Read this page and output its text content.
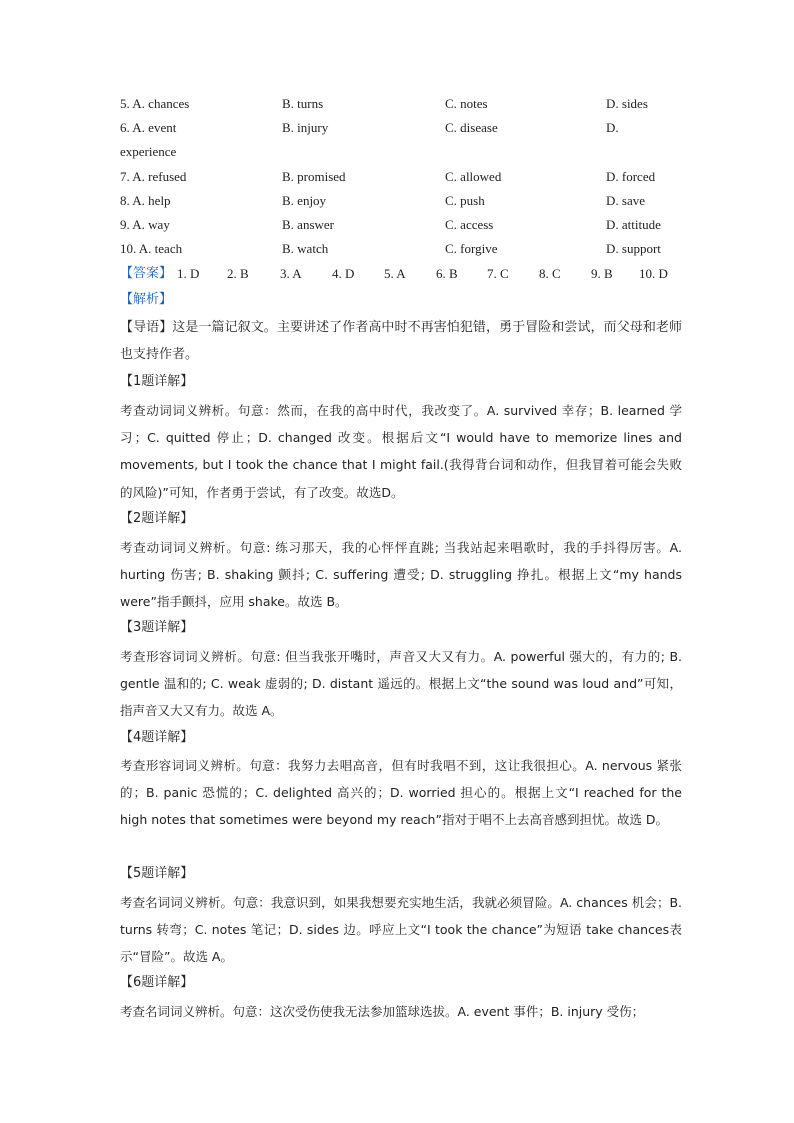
5. A. chances	B. turns	C. notes	D. sides
6. A. event	B. injury	C. disease	D.
experience
7. A. refused	B. promised	C. allowed	D. forced
8. A. help	B. enjoy	C. push	D. save
9. A. way	B. answer	C. access	D. attitude
10. A. teach	B. watch	C. forgive	D. support
【答案】 1. D 2. B 3. A 4. D 5. A 6. B 7. C 8. C 9. B 10. D
【解析】
【导语】这是一篇记叙文。主要讲述了作者高中时不再害怕犯错，勇于冒险和尝试，而父母和老师也支持作者。
【1题详解】
考查动词词义辨析。句意：然而，在我的高中时代，我改变了。A. survived 幸存；B. learned 学习；C. quitted 停止；D. changed 改变。根据后文“I would have to memorize lines and movements, but I took the chance that I might fail.(我得背台词和动作，但我冒着可能会失败的风险)”可知，作者勇于尝试，有了改变。故选D。
【2题详解】
考查动词词义辨析。句意: 练习那天，我的心怦怦直跳; 当我站起来唱歌时，我的手抖得厉害。A. hurting 伤害; B. shaking 颤抖; C. suffering 遭受; D. struggling 挣扎。根据上文“my hands were”指手颤抖，应用 shake。故选 B。
【3题详解】
考查形容词词义辨析。句意: 但当我张开嘴时，声音又大又有力。A. powerful 强大的，有力的; B. gentle 温和的; C. weak 虚弱的; D. distant 遥远的。根据上文“the sound was loud and”可知，指声音又大又有力。故选 A。
【4题详解】
考查形容词词义辨析。句意：我努力去唱高音，但有时我唱不到，这让我很担心。A. nervous 紧张的；B. panic 恐慌的；C. delighted 高兴的；D. worried 担心的。根据上文“I reached for the high notes that sometimes were beyond my reach”指对于唱不上去高音感到担忧。故选 D。
【5题详解】
考查名词词义辨析。句意：我意识到，如果我想要充实地生活，我就必须冒险。A. chances 机会；B. turns 转弯；C. notes 笔记；D. sides 边。呼应上文“I took the chance”为短语 take chances表示“冒险”。故选 A。
【6题详解】
考查名词词义辨析。句意：这次受伤使我无法参加篮球选拔。A. event 事件；B. injury 受伤；
